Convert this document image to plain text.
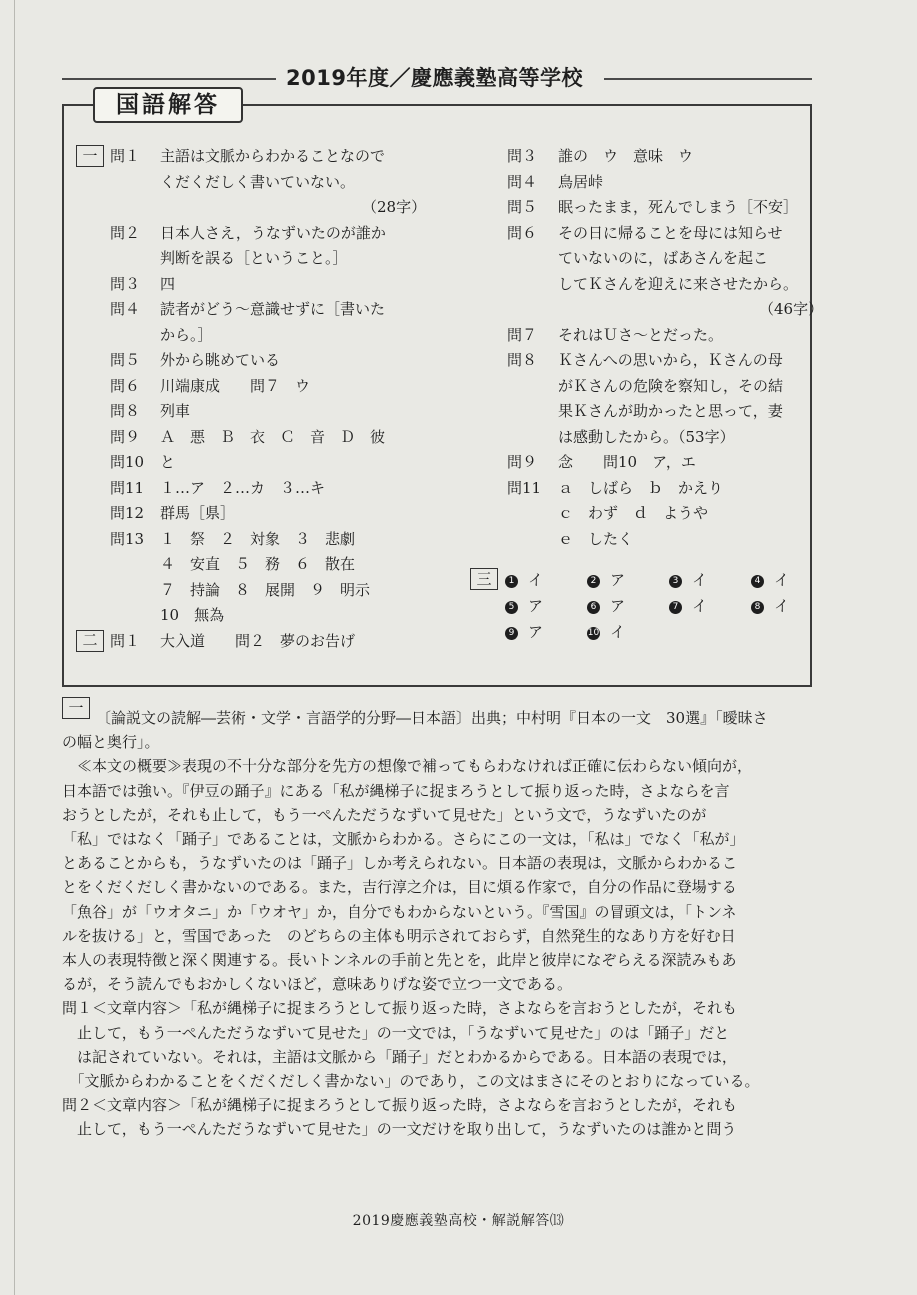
2019年度／慶應義塾高等学校
国語解答
一 問１ 主語は文脈からわかることなので
くだくだしく書いていない。
（28字）
問２ 日本人さえ，うなずいたのが誰か
判断を誤る［ということ。］
問３ 四
問４ 読者がどう～意識せずに［書いた
から。］
問５ 外から眺めている
問６ 川端康成　　問７　ウ
問８ 列車
問９ Ａ　悪　Ｂ　衣　Ｃ　音　Ｄ　彼
問10 と
問11 １…ア　２…カ　３…キ
問12 群馬［県］
問13 １　祭　２　対象　３　悲劇
４　安直　５　務　６　散在
７　持論　８　展開　９　明示
10　無為
二 問１ 大入道　　問２　夢のお告げ
問３ 誰の　ウ　意味　ウ
問４ 鳥居峠
問５ 眠ったまま，死んでしまう［不安］
問６ その日に帰ることを母には知らせ
ていないのに，ばあさんを起こ
してＫさんを迎えに来させたから。
（46字）
問７ それはＵさ～とだった。
問８ Ｋさんへの思いから，Ｋさんの母
がＫさんの危険を察知し，その結
果Ｋさんが助かったと思って，妻
は感動したから。（53字）
問９ 念　　問10　ア，エ
問11 ａ　しばら　ｂ　かえり
ｃ　わず　ｄ　ようや
ｅ　したく
三	1 イ	2 ア	3 イ	4 イ
5 ア	6 ア	7 イ	8 イ
9 ア	10 イ
一

〔論説文の読解―芸術・文学・言語学的分野―日本語〕出典；中村明『日本の一文　30選』「曖昧さ

の幅と奥行」。

　≪本文の概要≫表現の不十分な部分を先方の想像で補ってもらわなければ正確に伝わらない傾向が，

日本語では強い。『伊豆の踊子』にある「私が縄梯子に捉まろうとして振り返った時，さよならを言

おうとしたが，それも止して，もう一ぺんただうなずいて見せた」という文で，うなずいたのが

「私」ではなく「踊子」であることは，文脈からわかる。さらにこの一文は，「私は」でなく「私が」

とあることからも，うなずいたのは「踊子」しか考えられない。日本語の表現は，文脈からわかるこ

とをくだくだしく書かないのである。また，吉行淳之介は，目に煩る作家で，自分の作品に登場する

「魚谷」が「ウオタニ」か「ウオヤ」か，自分でもわからないという。『雪国』の冒頭文は，「トンネ

ルを抜ける」と，雪国であった　のどちらの主体も明示されておらず，自然発生的なあり方を好む日

本人の表現特徴と深く関連する。長いトンネルの手前と先とを，此岸と彼岸になぞらえる深読みもあ

るが，そう読んでもおかしくないほど，意味ありげな姿で立つ一文である。

問１＜文章内容＞「私が縄梯子に捉まろうとして振り返った時，さよならを言おうとしたが，それも

　止して，もう一ぺんただうなずいて見せた」の一文では，「うなずいて見せた」のは「踊子」だと

　は記されていない。それは，主語は文脈から「踊子」だとわかるからである。日本語の表現では，

　「文脈からわかることをくだくだしく書かない」のであり，この文はまさにそのとおりになっている。

問２＜文章内容＞「私が縄梯子に捉まろうとして振り返った時，さよならを言おうとしたが，それも

　止して，もう一ぺんただうなずいて見せた」の一文だけを取り出して，うなずいたのは誰かと問う

2019慶應義塾高校・解説解答⒀
